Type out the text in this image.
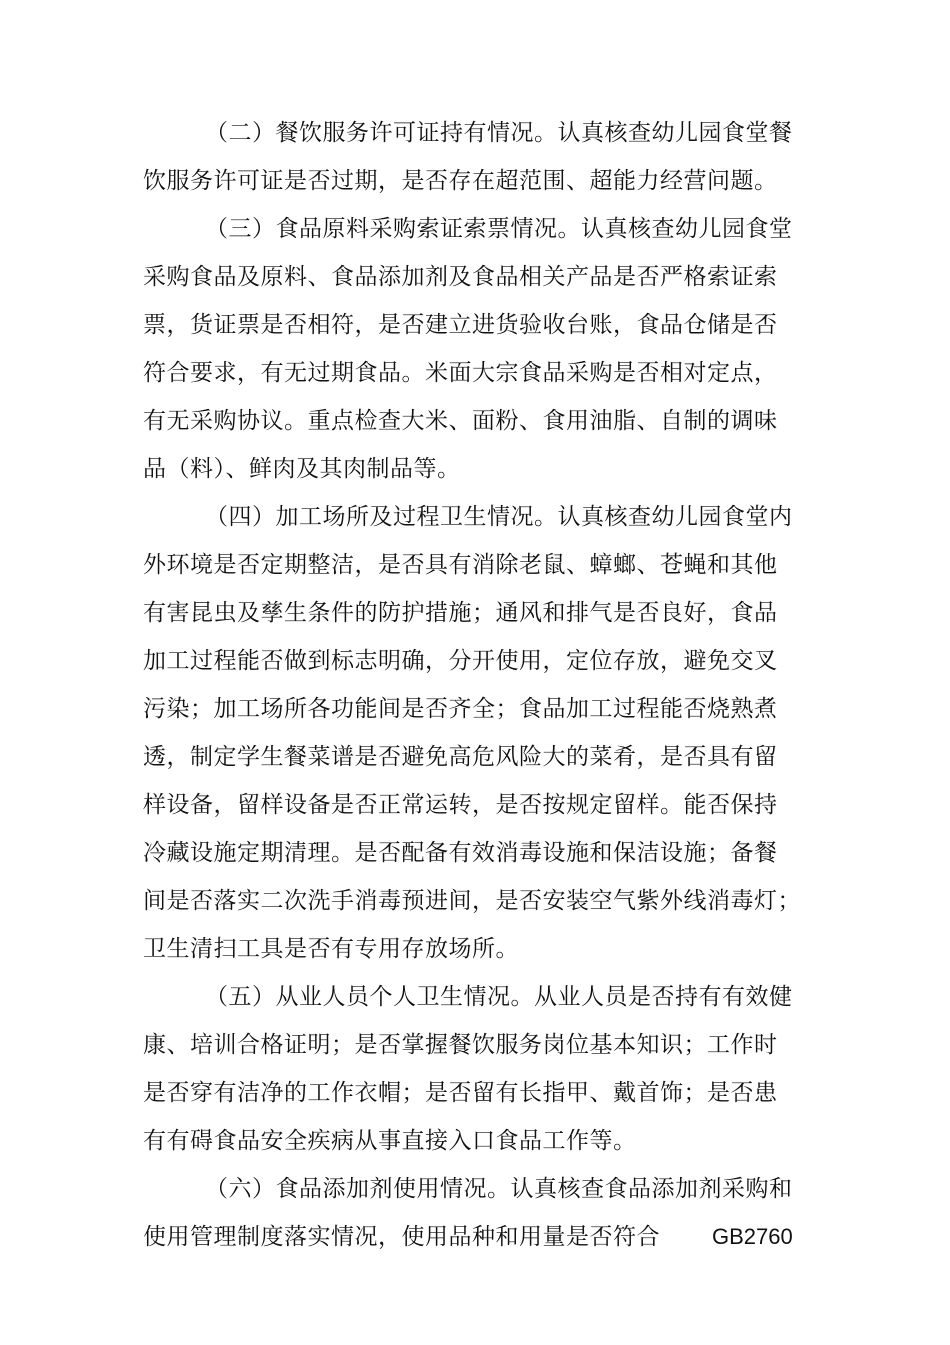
（二）餐饮服务许可证持有情况。认真核查幼儿园食堂餐
饮服务许可证是否过期，是否存在超范围、超能力经营问题。
（三）食品原料采购索证索票情况。认真核查幼儿园食堂
采购食品及原料、食品添加剂及食品相关产品是否严格索证索
票，货证票是否相符，是否建立进货验收台账，食品仓储是否
符合要求，有无过期食品。米面大宗食品采购是否相对定点，
有无采购协议。重点检查大米、面粉、食用油脂、自制的调味
品（料）、鲜肉及其肉制品等。
（四）加工场所及过程卫生情况。认真核查幼儿园食堂内
外环境是否定期整洁，是否具有消除老鼠、蟑螂、苍蝇和其他
有害昆虫及孳生条件的防护措施；通风和排气是否良好，食品
加工过程能否做到标志明确，分开使用，定位存放，避免交叉
污染；加工场所各功能间是否齐全；食品加工过程能否烧熟煮
透，制定学生餐菜谱是否避免高危风险大的菜肴，是否具有留
样设备，留样设备是否正常运转，是否按规定留样。能否保持
冷藏设施定期清理。是否配备有效消毒设施和保洁设施；备餐
间是否落实二次洗手消毒预进间，是否安装空气紫外线消毒灯；
卫生清扫工具是否有专用存放场所。
（五）从业人员个人卫生情况。从业人员是否持有有效健
康、培训合格证明；是否掌握餐饮服务岗位基本知识；工作时
是否穿有洁净的工作衣帽；是否留有长指甲、戴首饰；是否患
有有碍食品安全疾病从事直接入口食品工作等。
（六）食品添加剂使用情况。认真核查食品添加剂采购和
使用管理制度落实情况，使用品种和用量是否符合	GB2760
